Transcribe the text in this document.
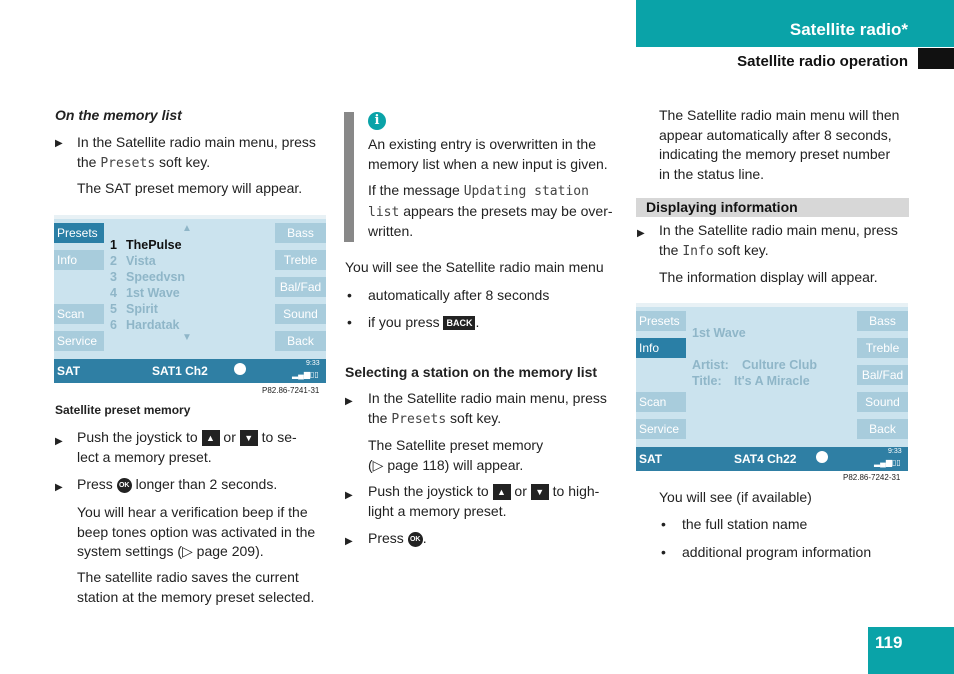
Satellite radio*
Satellite radio operation
On the memory list
▶ In the Satellite radio main menu, press
the Presets soft key.
The SAT preset memory will appear.
Presets
Info
Scan
Service
Bass
Treble
Bal/Fad
Sound
Back
▲
▼
1 ThePulse
2 Vista
3 Speedvsn
4 1st Wave
5 Spirit
6 Hardatak
SAT	SAT1 Ch2
9:33
▂▄▆▯▯
P82.86-7241-31
Satellite preset memory
▶ Push the joystick to ▲ or ▼ to se-
lect a memory preset.
▶ Press OK longer than 2 seconds.
You will hear a verification beep if the
beep tones option was activated in the
system settings (▷ page 209).
The satellite radio saves the current
station at the memory preset selected.
i
An existing entry is overwritten in the
memory list when a new input is given.
If the message Updating station
list appears the presets may be over-
written.
You will see the Satellite radio main menu
• automatically after 8 seconds
• if you press BACK .
Selecting a station on the memory list
▶ In the Satellite radio main menu, press
the Presets soft key.
The Satellite preset memory
(▷ page 118) will appear.
▶ Push the joystick to ▲ or ▼ to high-
light a memory preset.
▶ Press OK .
The Satellite radio main menu will then
appear automatically after 8 seconds,
indicating the memory preset number
in the status line.
Displaying information
▶ In the Satellite radio main menu, press
the Info soft key.
The information display will appear.
Presets
Info
Scan
Service
Bass
Treble
Bal/Fad
Sound
Back
1st Wave
Artist: Culture Club
Title: It's A Miracle
SAT	SAT4 Ch22
9:33
▂▄▆▯▯
P82.86-7242-31
You will see (if available)
• the full station name
• additional program information
119
